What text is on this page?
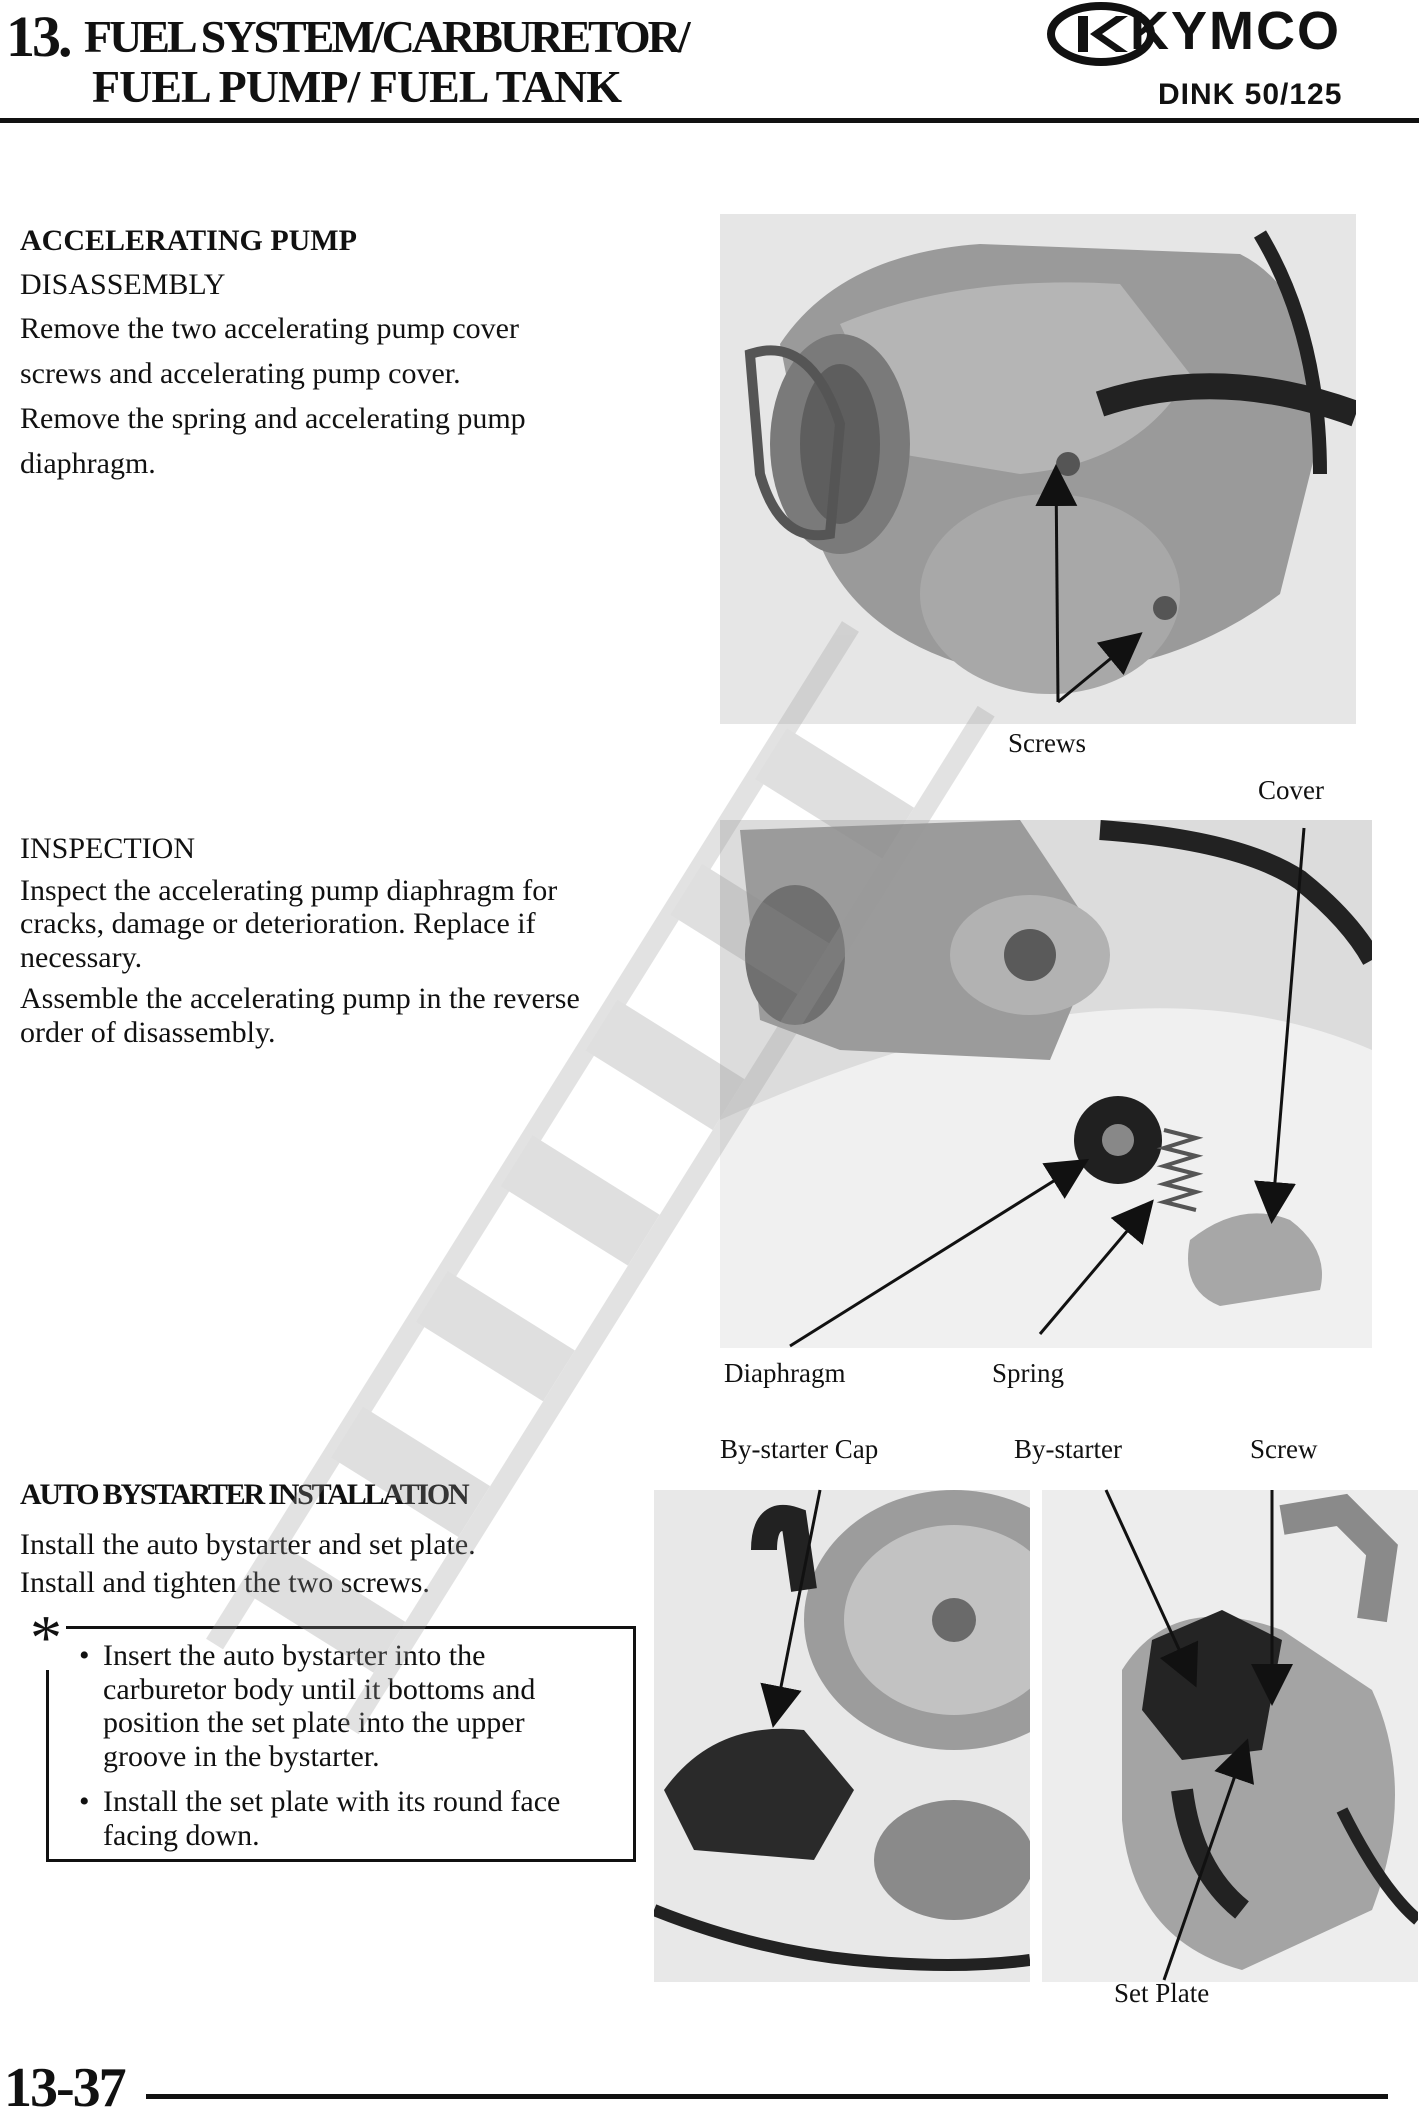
13. FUEL SYSTEM/CARBURETOR/
FUEL PUMP/ FUEL TANK
KYMCO
DINK 50/125
ACCELERATING PUMP
DISASSEMBLY
Remove the two accelerating pump cover
screws and accelerating pump cover.
Remove the spring and accelerating pump
diaphragm.
Screws
Cover
INSPECTION
Inspect the accelerating pump diaphragm for
cracks, damage or deterioration. Replace if
necessary.
Assemble the accelerating pump in the reverse
order of disassembly.
Diaphragm	Spring
By-starter Cap	By-starter	Screw
AUTO BYSTARTER INSTALLATION
Install the auto bystarter and set plate.
Install and tighten the two screws.
• Insert the auto bystarter into the
carburetor body until it bottoms and
position the set plate into the upper
groove in the bystarter.
• Install the set plate with its round face
facing down.
*
Set Plate
13-37
